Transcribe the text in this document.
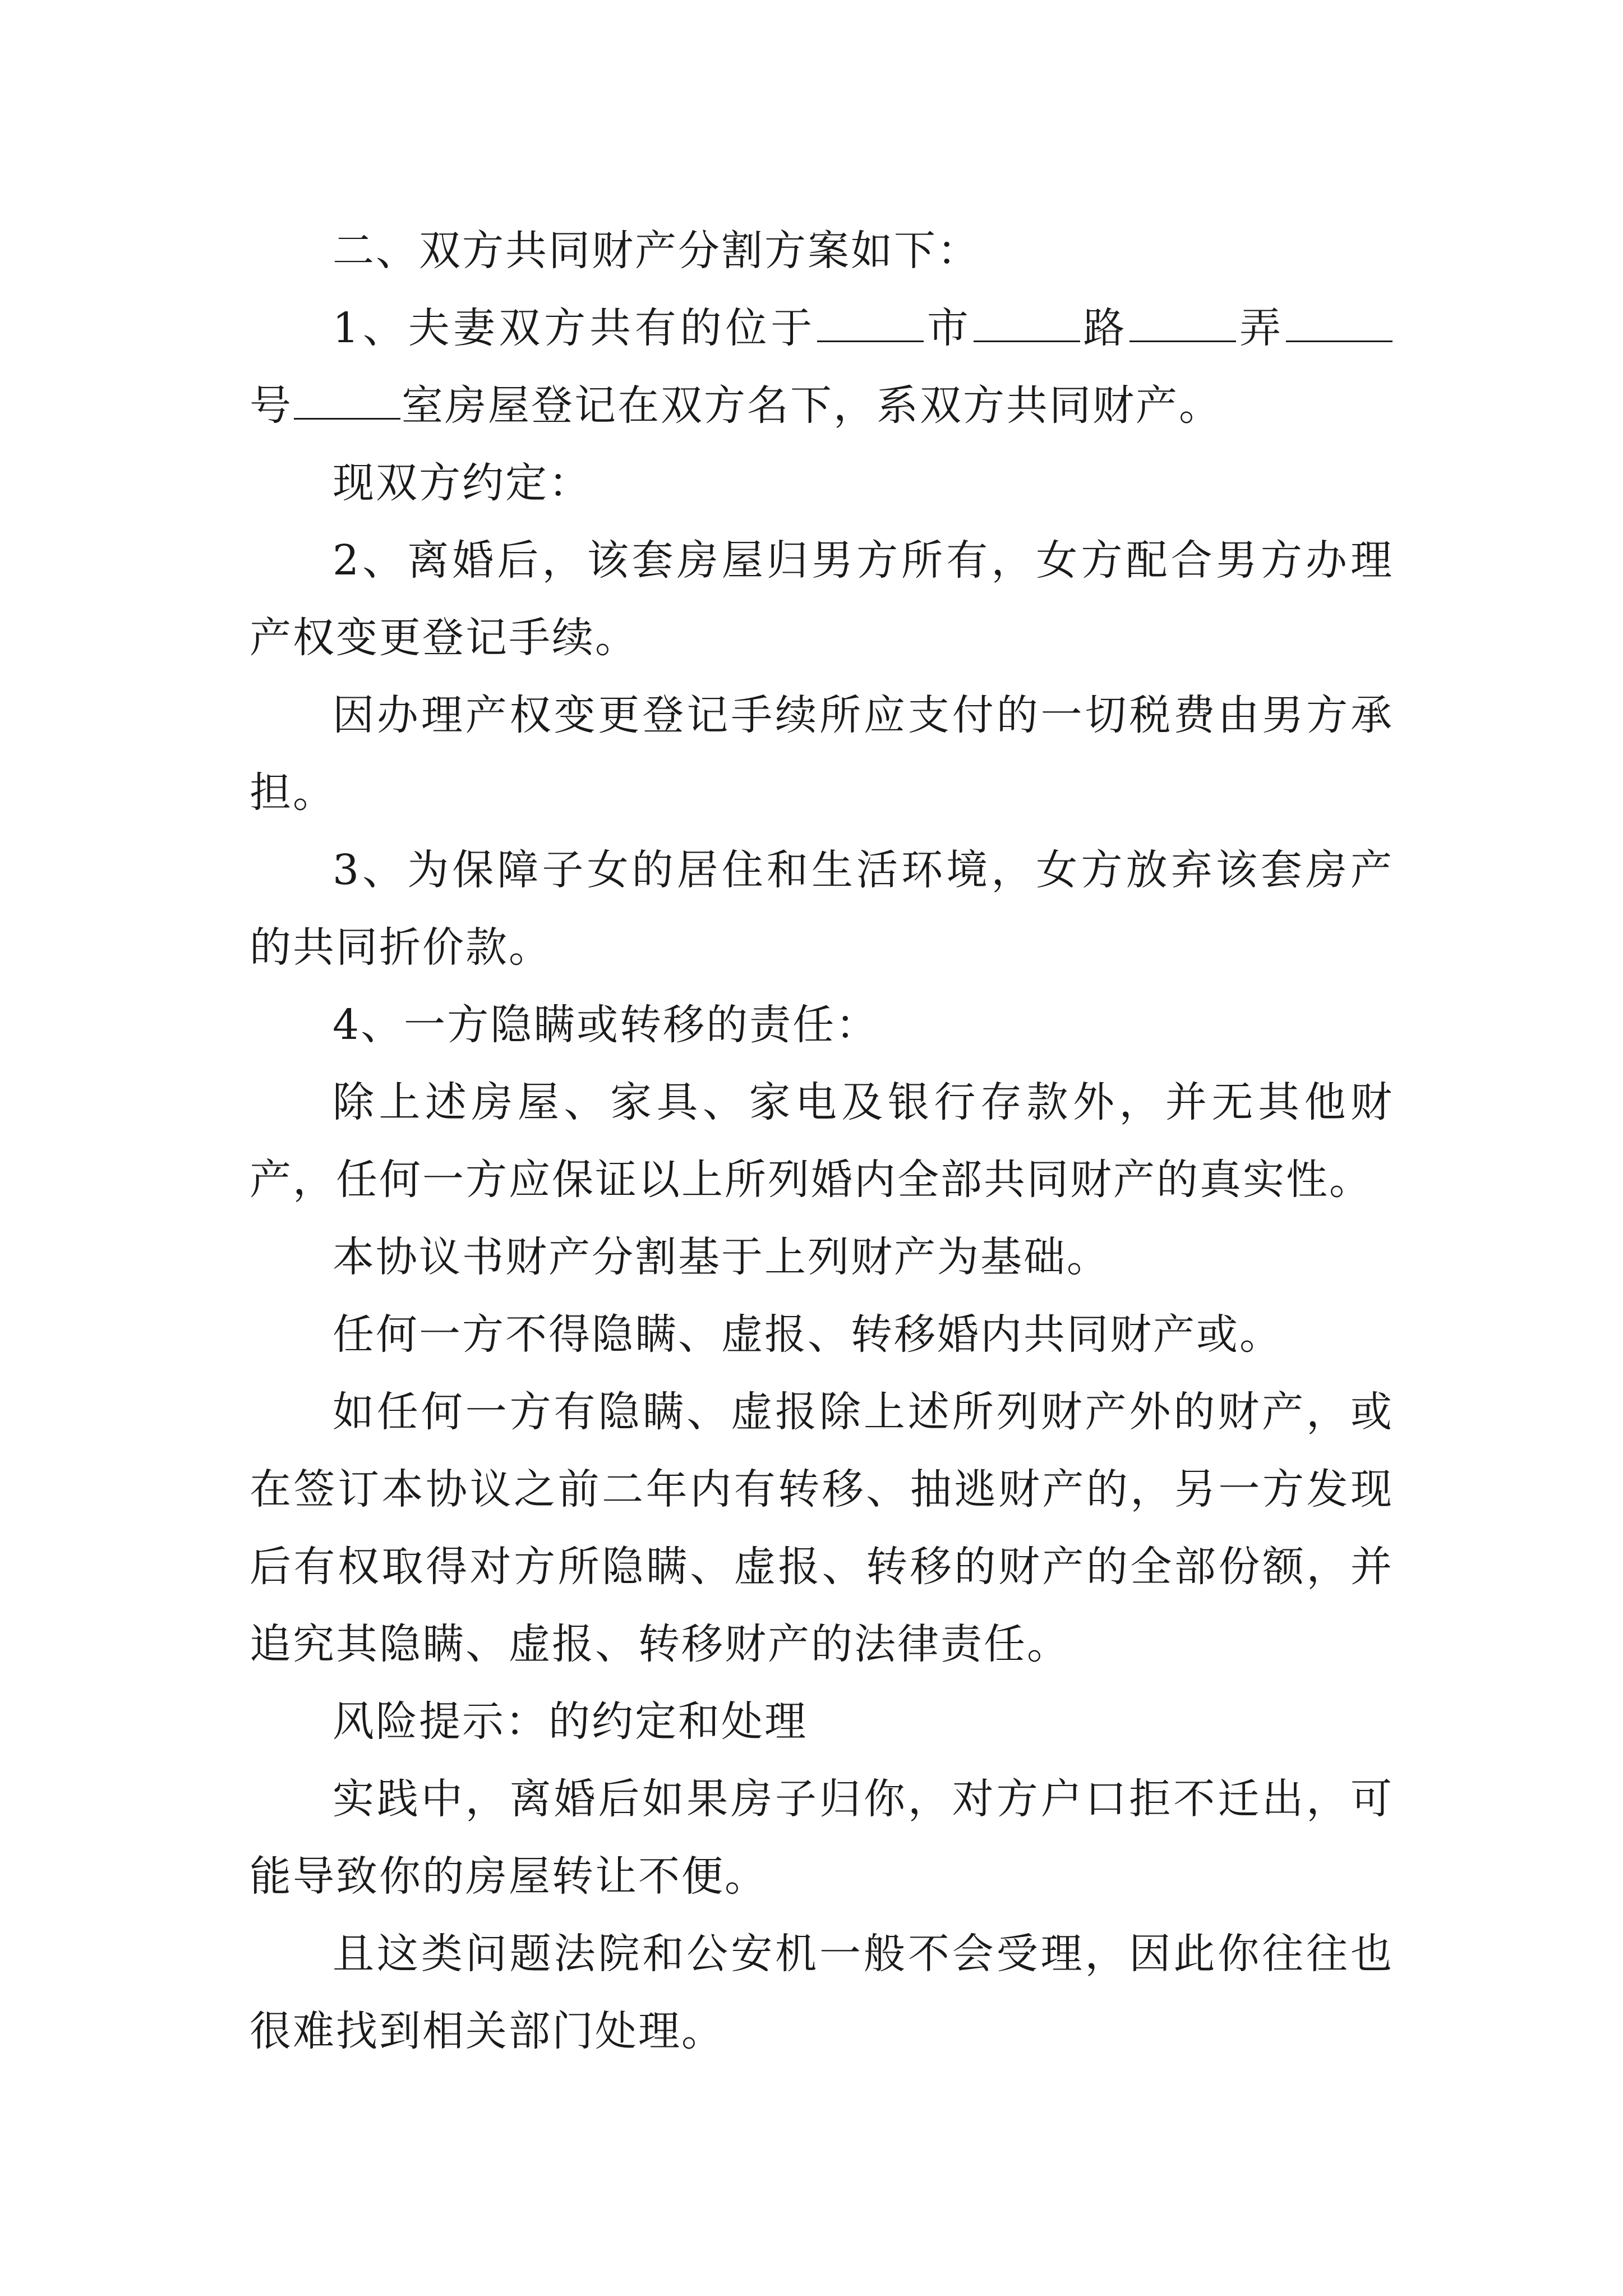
二、双方共同财产分割方案如下：

1、夫妻双方共有的位于	市	路	弄号	室房屋登记在双方名下，系双方共同财产。

现双方约定：

2、离婚后，该套房屋归男方所有，女方配合男方办理产权变更登记手续。

因办理产权变更登记手续所应支付的一切税费由男方承担。

3、为保障子女的居住和生活环境，女方放弃该套房产的共同折价款。

4、一方隐瞒或转移的责任：

除上述房屋、家具、家电及银行存款外，并无其他财产，任何一方应保证以上所列婚内全部共同财产的真实性。

本协议书财产分割基于上列财产为基础。

任何一方不得隐瞒、虚报、转移婚内共同财产或。

如任何一方有隐瞒、虚报除上述所列财产外的财产，或在签订本协议之前二年内有转移、抽逃财产的，另一方发现后有权取得对方所隐瞒、虚报、转移的财产的全部份额，并追究其隐瞒、虚报、转移财产的法律责任。

风险提示：的约定和处理

实践中，离婚后如果房子归你，对方户口拒不迁出，可能导致你的房屋转让不便。

且这类问题法院和公安机一般不会受理，因此你往往也很难找到相关部门处理。
